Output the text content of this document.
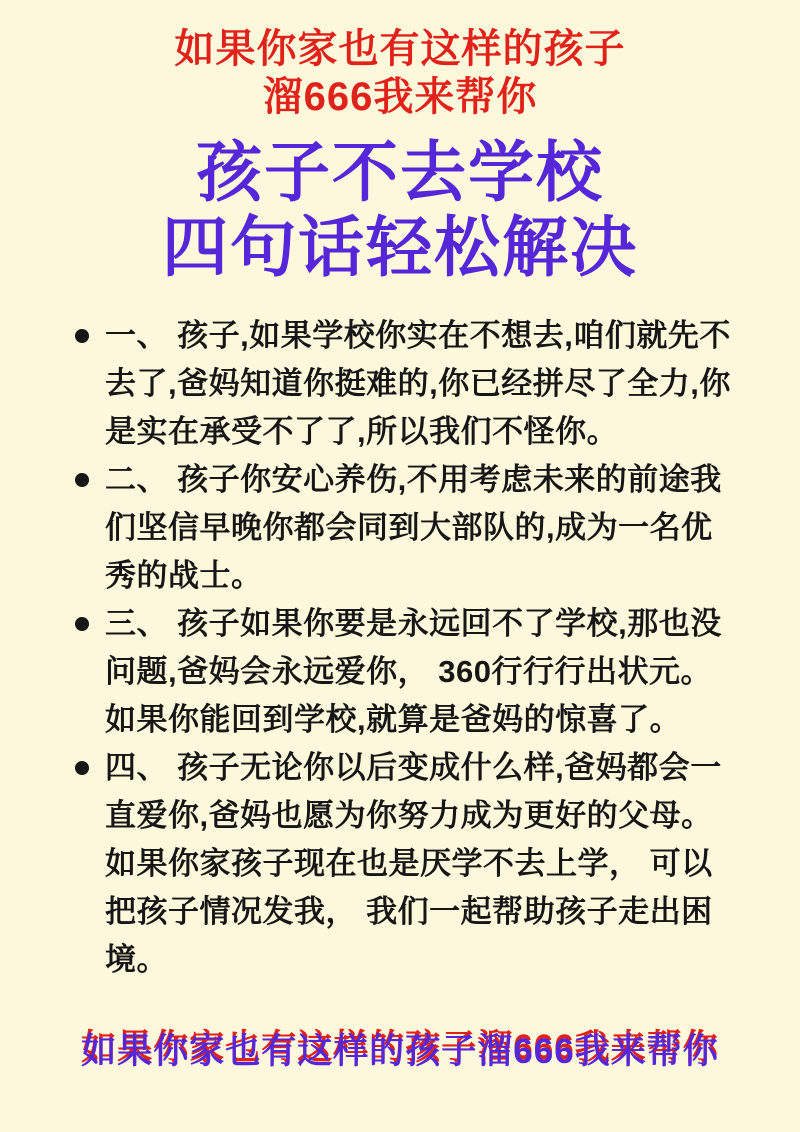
如果你家也有这样的孩子
溜666我来帮你
孩子不去学校
四句话轻松解决
一、 孩子,如果学校你实在不想去,咱们就先不去了,爸妈知道你挺难的,你已经拼尽了全力,你是实在承受不了了,所以我们不怪你。
二、 孩子你安心养伤,不用考虑未来的前途我们坚信早晚你都会同到大部队的,成为一名优秀的战士。
三、 孩子如果你要是永远回不了学校,那也没问题,爸妈会永远爱你， 360行行行出状元。如果你能回到学校,就算是爸妈的惊喜了。
四、 孩子无论你以后变成什么样,爸妈都会一直爱你,爸妈也愿为你努力成为更好的父母。如果你家孩子现在也是厌学不去上学， 可以把孩子情况发我， 我们一起帮助孩子走出困境。
如果你家也有这样的孩子溜666我来帮你
